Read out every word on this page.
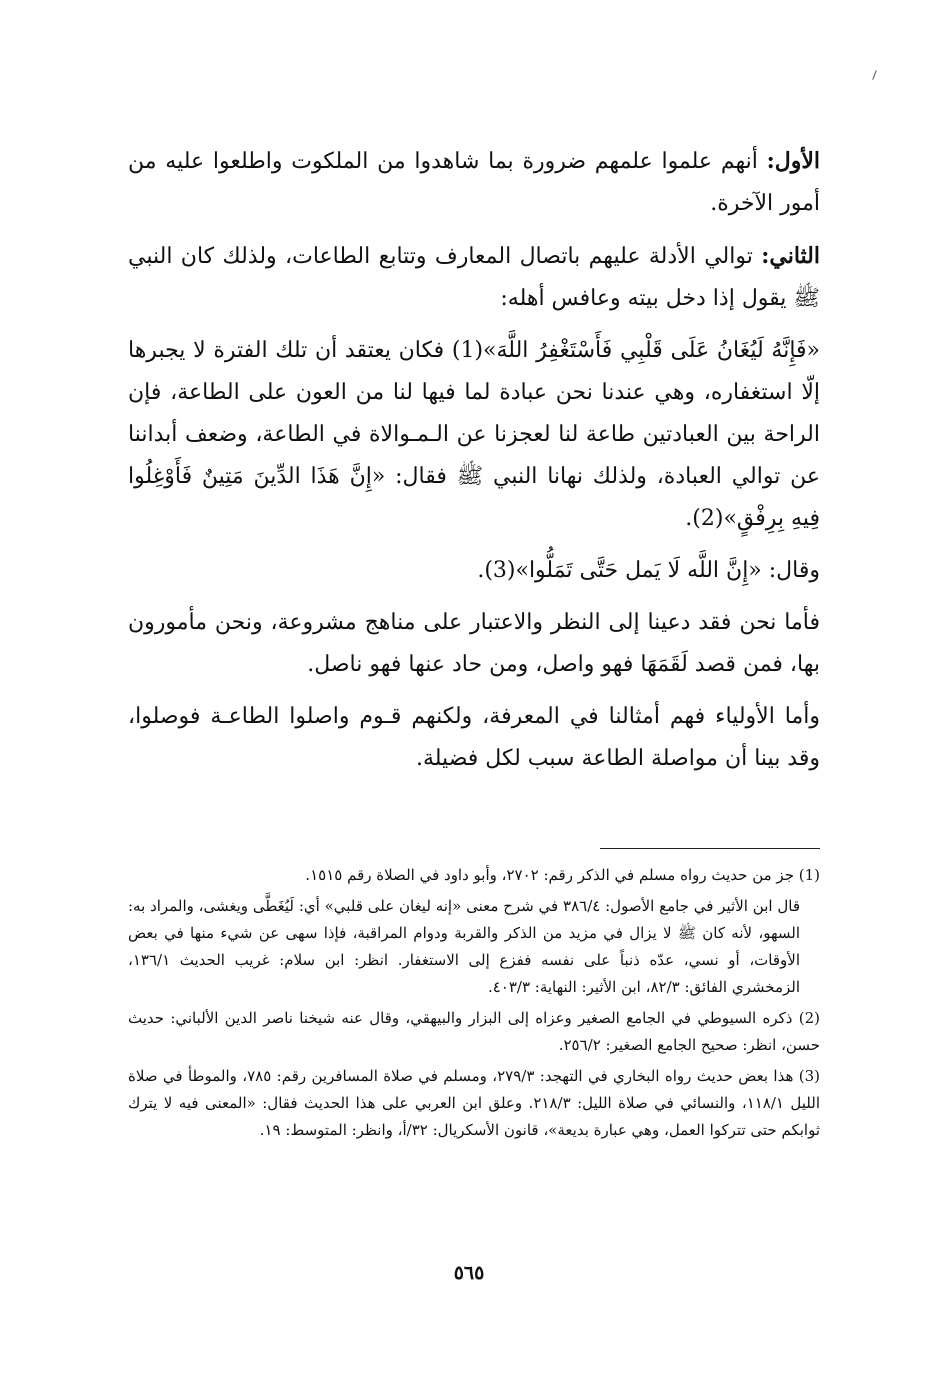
الأول: أنهم علموا علمهم ضرورة بما شاهدوا من الملكوت واطلعوا عليه من أمور الآخرة.

الثاني: توالي الأدلة عليهم باتصال المعارف وتتابع الطاعات، ولذلك كان النبي ﷺ يقول إذا دخل بيته وعافس أهله:

«فَإِنَّهُ لَيُغَانُ عَلَى قَلْبِي فَأَسْتَغْفِرُ اللَّهَ»(1) فكان يعتقد أن تلك الفترة لا يجبرها إلّا استغفاره، وهي عندنا نحن عبادة لما فيها لنا من العون على الطاعة، فإن الراحة بين العبادتين طاعة لنا لعجزنا عن الـمـوالاة في الطاعة، وضعف أبداننا عن توالي العبادة، ولذلك نهانا النبي ﷺ فقال: «إِنَّ هَذَا الدِّينَ مَتِينٌ فَأَوْغِلُوا فِيهِ بِرِفْقٍ»(2).

وقال: «إِنَّ اللَّه لَا يَمل حَتَّى تَمَلُّوا»(3).

فأما نحن فقد دعينا إلى النظر والاعتبار على مناهج مشروعة، ونحن مأمورون بها، فمن قصد لَقَمَهَا فهو واصل، ومن حاد عنها فهو ناصل.

وأما الأولياء فهم أمثالنا في المعرفة، ولكنهم قـوم واصلوا الطاعـة فوصلوا، وقد بينا أن مواصلة الطاعة سبب لكل فضيلة.

(1) جز من حديث رواه مسلم في الذكر رقم: ٢٧٠٢، وأبو داود في الصلاة رقم ١٥١٥.

قال ابن الأثير في جامع الأصول: ٣٨٦/٤ في شرح معنى «إنه ليغان على قلبي» أي: لَيُغَطَّى ويغشى، والمراد به: السهو، لأنه كان ﷺ لا يزال في مزيد من الذكر والقربة ودوام المراقبة، فإذا سهى عن شيء منها في بعض الأوقات، أو نسي، عدّه ذنباً على نفسه ففزع إلى الاستغفار. انظر: ابن سلام: غريب الحديث ١٣٦/١، الزمخشري الفائق: ٨٢/٣، ابن الأثير: النهاية: ٤٠٣/٣.

(2) ذكره السيوطي في الجامع الصغير وعزاه إلى البزار والبيهقي، وقال عنه شيخنا ناصر الدين الألباني: حديث حسن، انظر: صحيح الجامع الصغير: ٢٥٦/٢.

(3) هذا بعض حديث رواه البخاري في التهجد: ٢٧٩/٣، ومسلم في صلاة المسافرين رقم: ٧٨٥، والموطأ في صلاة الليل ١١٨/١، والنسائي في صلاة الليل: ٢١٨/٣. وعلق ابن العربي على هذا الحديث فقال: «المعنى فيه لا يترك ثوابكم حتى تتركوا العمل، وهي عبارة بديعة»، قانون الأسكريال: ٣٢/أ، وانظر: المتوسط: ١٩.

٥٦٥
